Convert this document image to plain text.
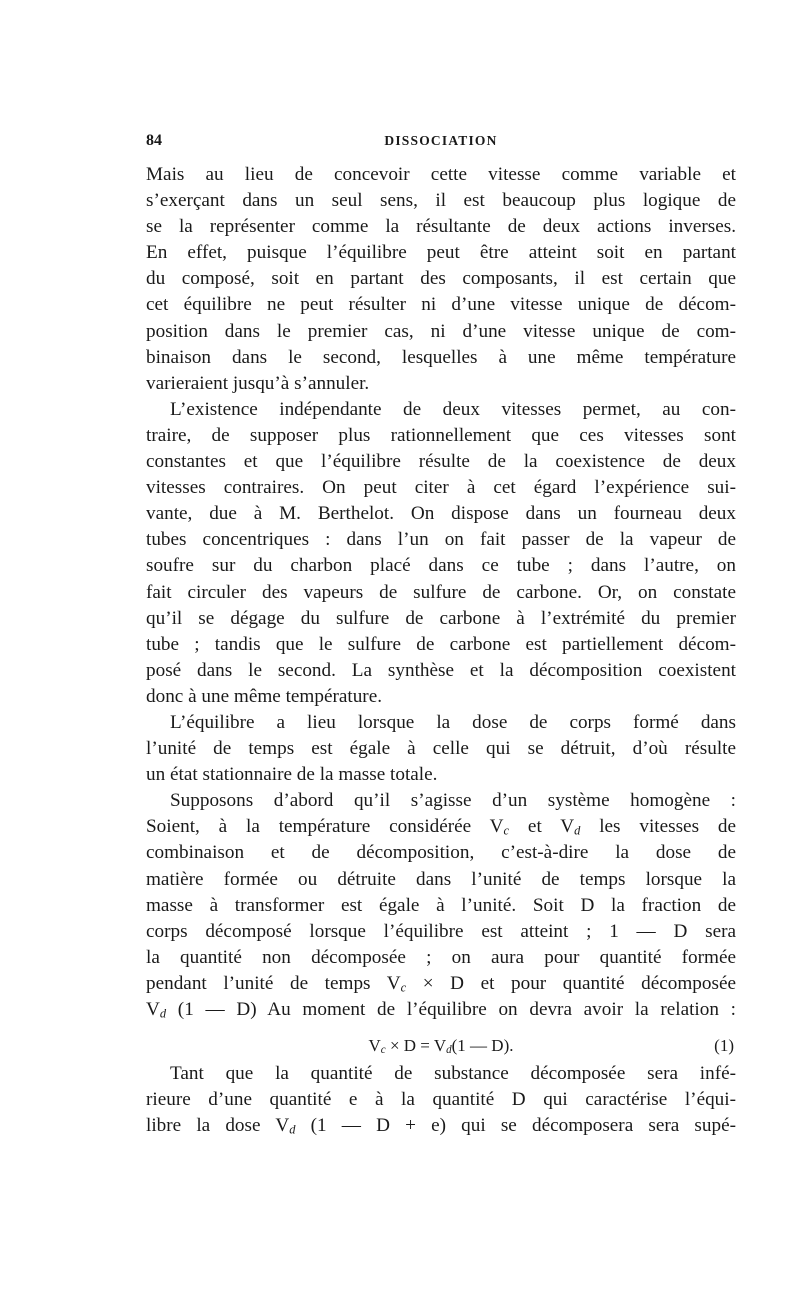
84	DISSOCIATION

Mais au lieu de concevoir cette vitesse comme variable et
s’exerçant dans un seul sens, il est beaucoup plus logique de
se la représenter comme la résultante de deux actions inverses.
En effet, puisque l’équilibre peut être atteint soit en partant
du composé, soit en partant des composants, il est certain que
cet équilibre ne peut résulter ni d’une vitesse unique de décom-
position dans le premier cas, ni d’une vitesse unique de com-
binaison dans le second, lesquelles à une même température
varieraient jusqu’à s’annuler.

L’existence indépendante de deux vitesses permet, au con-
traire, de supposer plus rationnellement que ces vitesses sont
constantes et que l’équilibre résulte de la coexistence de deux
vitesses contraires. On peut citer à cet égard l’expérience sui-
vante, due à M. Berthelot. On dispose dans un fourneau deux
tubes concentriques : dans l’un on fait passer de la vapeur de
soufre sur du charbon placé dans ce tube ; dans l’autre, on
fait circuler des vapeurs de sulfure de carbone. Or, on constate
qu’il se dégage du sulfure de carbone à l’extrémité du premier
tube ; tandis que le sulfure de carbone est partiellement décom-
posé dans le second. La synthèse et la décomposition coexistent
donc à une même température.

L’équilibre a lieu lorsque la dose de corps formé dans
l’unité de temps est égale à celle qui se détruit, d’où résulte
un état stationnaire de la masse totale.

Supposons d’abord qu’il s’agisse d’un système homogène :
Soient, à la température considérée $V_c$ et $V_d$ les vitesses de
combinaison et de décomposition, c’est-à-dire la dose de
matière formée ou détruite dans l’unité de temps lorsque la
masse à transformer est égale à l’unité. Soit D la fraction de
corps décomposé lorsque l’équilibre est atteint ; 1 — D sera
la quantité non décomposée ; on aura pour quantité formée
pendant l’unité de temps $V_c \times D$ et pour quantité décomposée
$V_d$ (1 — D) Au moment de l’équilibre on devra avoir la relation :

$V_c \times D = V_d(1$ — D).	(1)

Tant que la quantité de substance décomposée sera infé-
rieure d’une quantité e à la quantité D qui caractérise l’équi-
libre la dose $V_d$ (1 — D + e) qui se décomposera sera supé-
